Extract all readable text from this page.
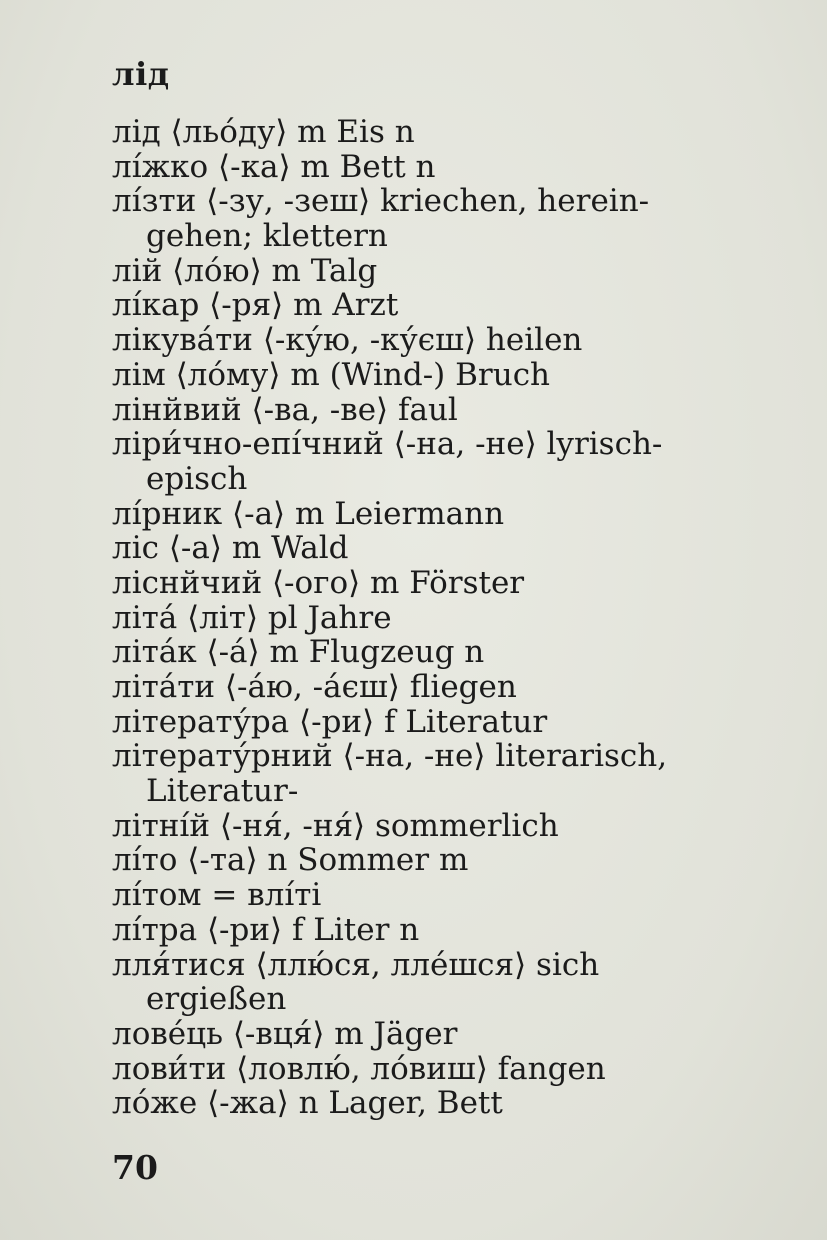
лід
лід ⟨льо́ду⟩ m Eis n
лі́жко ⟨-ка⟩ m Bett n
лі́зти ⟨-зу, -зеш⟩ kriechen, herein-
gehen; klettern
лій ⟨ло́ю⟩ m Talg
лі́кар ⟨-ря⟩ m Arzt
лікува́ти ⟨-ку́ю, -ку́єш⟩ heilen
лім ⟨ло́му⟩ m (Wind-) Bruch
лінйвий ⟨-ва, -ве⟩ faul
ліри́чно-епі́чний ⟨-на, -не⟩ lyrisch-
episch
лі́рник ⟨-а⟩ m Leiermann
ліс ⟨-а⟩ m Wald
ліснйчий ⟨-ого⟩ m Förster
літа́ ⟨літ⟩ pl Jahre
літа́к ⟨-а́⟩ m Flugzeug n
літа́ти ⟨-а́ю, -а́єш⟩ fliegen
літерату́ра ⟨-ри⟩ f Literatur
літерату́рний ⟨-на, -не⟩ literarisch,
Literatur-
літні́й ⟨-ня́, -ня́⟩ sommerlich
лі́то ⟨-та⟩ n Sommer m
лі́том = влі́ті
лі́тра ⟨-ри⟩ f Liter n
лля́тися ⟨ллю́ся, лле́шся⟩ sich
ergießen
лове́ць ⟨-вця́⟩ m Jäger
лови́ти ⟨ловлю́, ло́виш⟩ fangen
ло́же ⟨-жа⟩ n Lager, Bett
70
